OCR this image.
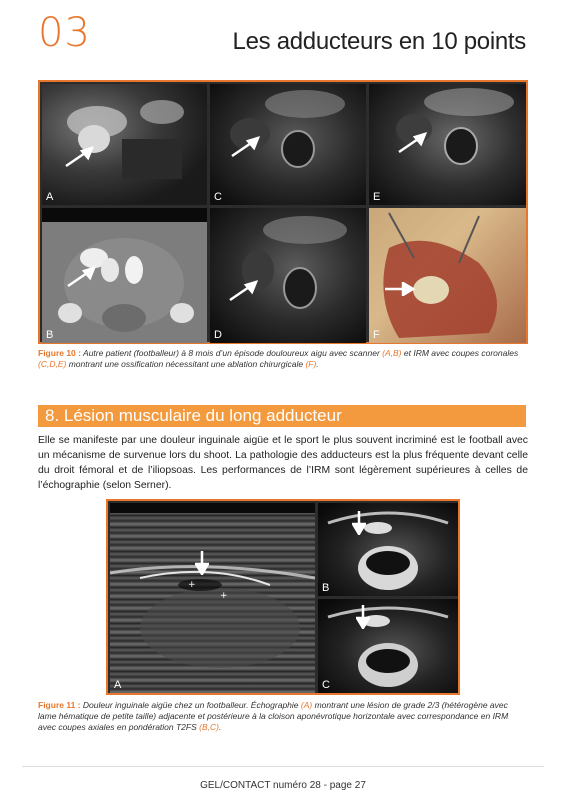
03	Les adducteurs en 10 points
A	C	E
B	D	F
Figure 10 : Autre patient (footballeur) à 8 mois d’un épisode douloureux aigu avec scanner (A,B) et IRM avec coupes coronales (C,D,E) montrant une ossification nécessitant une ablation chirurgicale (F).
8. Lésion musculaire du long adducteur
Elle se manifeste par une douleur inguinale aigüe et le sport le plus souvent incriminé est le football avec un mécanisme de survenue lors du shoot. La pathologie des adducteurs est la plus fréquente devant celle du droit fémoral et de l’iliopsoas. Les performances de l’IRM sont légèrement supérieures à celles de l’échographie (selon Serner).
+
+
A
B
C
Figure 11 : Douleur inguinale aigüe chez un footballeur. Échographie (A) montrant une lésion de grade 2/3 (hétérogène avec lame hématique de petite taille) adjacente et postérieure à la cloison aponévrotique horizontale avec correspondance en IRM avec coupes axiales en pondération T2FS (B,C).
GEL/CONTACT numéro 28 - page 27
